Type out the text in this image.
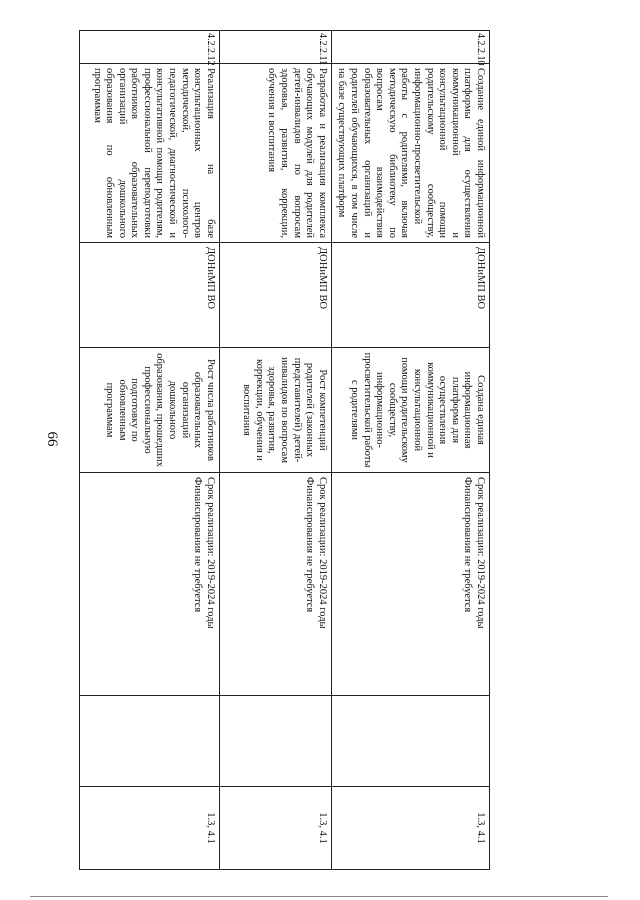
66
4.2.2.10	Создание единой информационной платформы для осуществления коммуникационной и консультационной помощи родительскому сообществу, информационно-просветительской работы с родителями, включая методическую библиотеку по вопросам взаимодействия образовательных организаций и родителей обучающихся, в том числе на базе существующих платформ	ДОНиМП ВО	Создана единая информационная платформа для осуществления коммуникационной и консультационной помощи родительскому сообществу, информационно-просветительской работы с родителями	Срок реализации: 2019-2024 годы
Финансирования не требуется		1.3, 4.1
4.2.2.11	Разработка и реализация комплекса обучающих модулей для родителей детей-инвалидов по вопросам здоровья, развития, коррекции, обучения и воспитания	ДОНиМП ВО	Рост компетенций родителей (законных представителей) детей-инвалидов по вопросам здоровья, развития, коррекции, обучения и воспитания	Срок реализации: 2019-2024 годы
Финансирования не требуется		1.3, 4.1
4.2.2.12	Реализация на базе консультационных центров методической, психолого-педагогической, диагностической и консультативной помощи родителям, профессиональной переподготовки работников образовательных организаций дошкольного образования по обновленным программам	ДОНиМП ВО	Рост числа работников образовательных организаций дошкольного образования, прошедших профессиональную подготовку по обновленным программам	Срок реализации: 2019-2024 годы
Финансирования не требуется		1.3, 4.1
